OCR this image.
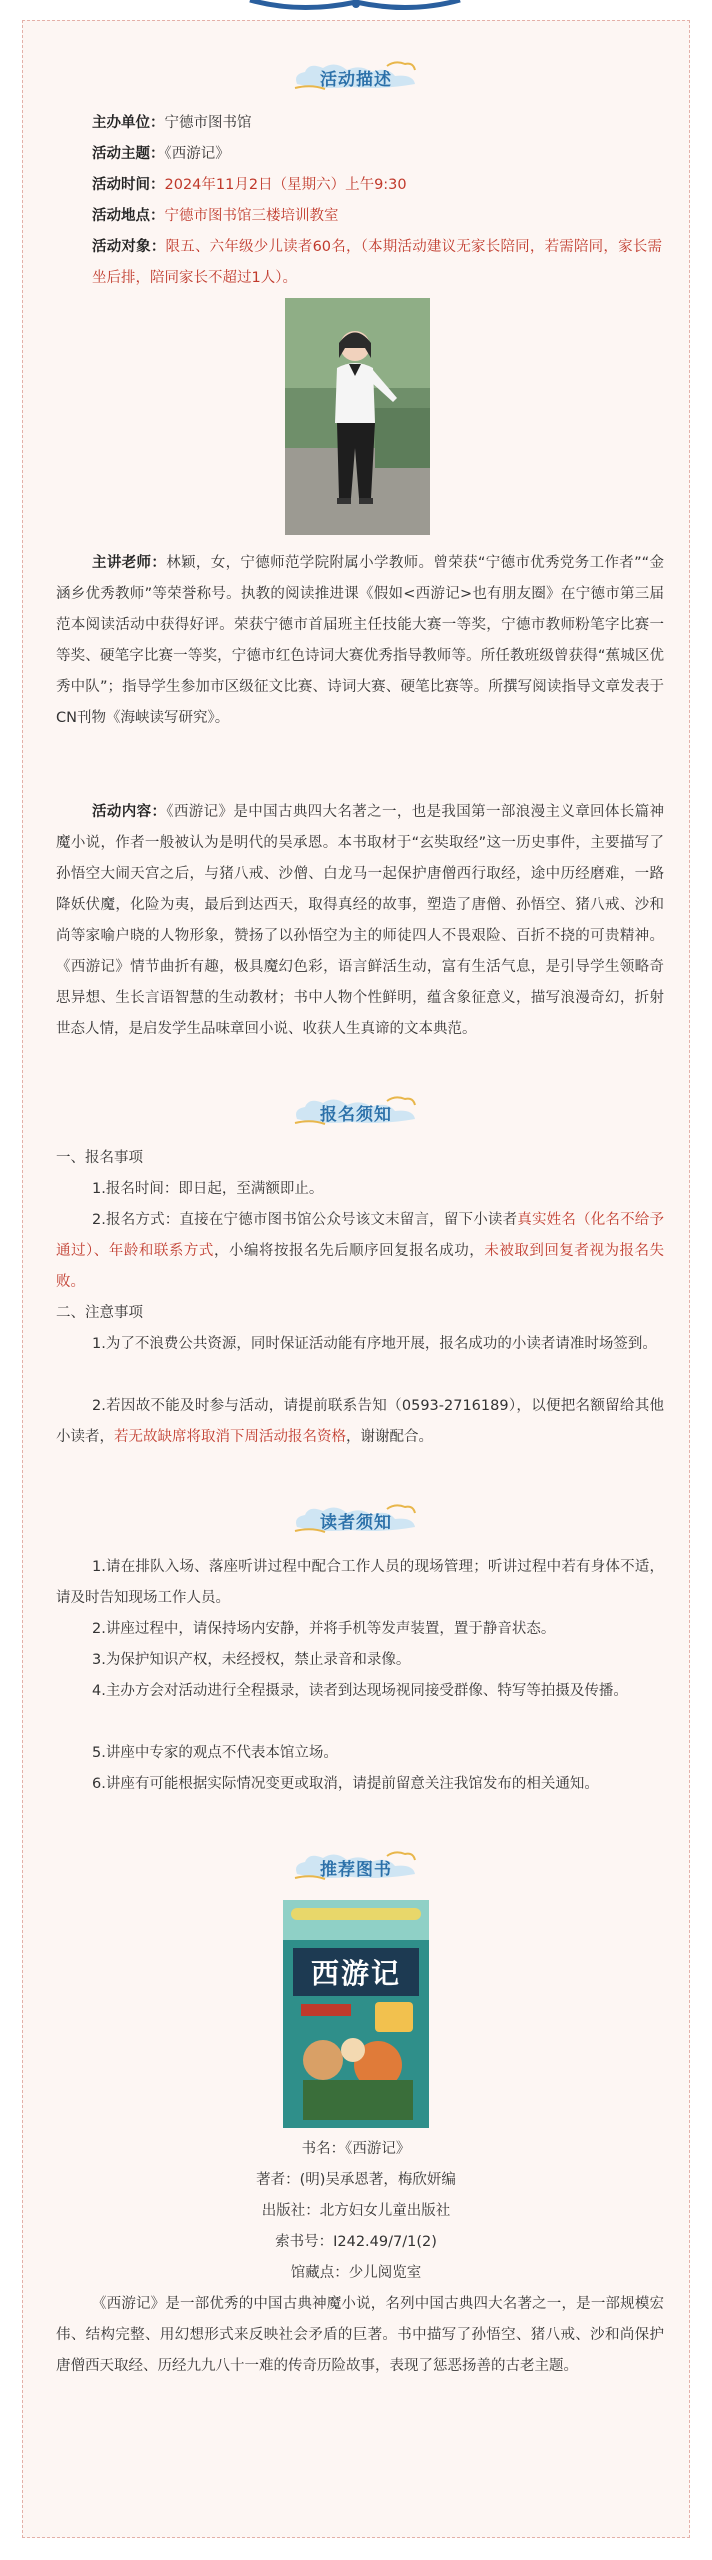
活动描述
主办单位：宁德市图书馆
活动主题：《西游记》
活动时间：2024年11月2日（星期六）上午9:30
活动地点：宁德市图书馆三楼培训教室
活动对象：限五、六年级少儿读者60名，（本期活动建议无家长陪同，若需陪同，家长需坐后排，陪同家长不超过1人）。
主讲老师：林颖，女，宁德师范学院附属小学教师。曾荣获“宁德市优秀党务工作者”“金涵乡优秀教师”等荣誉称号。执教的阅读推进课《假如<西游记>也有朋友圈》在宁德市第三届范本阅读活动中获得好评。荣获宁德市首届班主任技能大赛一等奖，宁德市教师粉笔字比赛一等奖、硬笔字比赛一等奖，宁德市红色诗词大赛优秀指导教师等。所任教班级曾获得“蕉城区优秀中队”；指导学生参加市区级征文比赛、诗词大赛、硬笔比赛等。所撰写阅读指导文章发表于CN刊物《海峡读写研究》。
活动内容：《西游记》是中国古典四大名著之一，也是我国第一部浪漫主义章回体长篇神魔小说，作者一般被认为是明代的吴承恩。本书取材于“玄奘取经”这一历史事件，主要描写了孙悟空大闹天宫之后，与猪八戒、沙僧、白龙马一起保护唐僧西行取经，途中历经磨难，一路降妖伏魔，化险为夷，最后到达西天，取得真经的故事，塑造了唐僧、孙悟空、猪八戒、沙和尚等家喻户晓的人物形象，赞扬了以孙悟空为主的师徒四人不畏艰险、百折不挠的可贵精神。《西游记》情节曲折有趣，极具魔幻色彩，语言鲜活生动，富有生活气息，是引导学生领略奇思异想、生长言语智慧的生动教材；书中人物个性鲜明，蕴含象征意义，描写浪漫奇幻，折射世态人情，是启发学生品味章回小说、收获人生真谛的文本典范。
报名须知
一、报名事项
1.报名时间：即日起，至满额即止。
2.报名方式：直接在宁德市图书馆公众号该文末留言，留下小读者真实姓名（化名不给予通过）、年龄和联系方式，小编将按报名先后顺序回复报名成功，未被取到回复者视为报名失败。
二、注意事项
1.为了不浪费公共资源，同时保证活动能有序地开展，报名成功的小读者请准时场签到。
2.若因故不能及时参与活动，请提前联系告知（0593-2716189），以便把名额留给其他小读者，若无故缺席将取消下周活动报名资格，谢谢配合。
读者须知
1.请在排队入场、落座听讲过程中配合工作人员的现场管理；听讲过程中若有身体不适，请及时告知现场工作人员。
2.讲座过程中，请保持场内安静，并将手机等发声装置，置于静音状态。
3.为保护知识产权，未经授权，禁止录音和录像。
4.主办方会对活动进行全程摄录，读者到达现场视同接受群像、特写等拍摄及传播。
5.讲座中专家的观点不代表本馆立场。
6.讲座有可能根据实际情况变更或取消，请提前留意关注我馆发布的相关通知。
推荐图书
西游记
书名：《西游记》
著者：(明)吴承恩著，梅欣妍编
出版社：北方妇女儿童出版社
索书号：I242.49/7/1(2)
馆藏点：少儿阅览室
《西游记》是一部优秀的中国古典神魔小说，名列中国古典四大名著之一，是一部规模宏伟、结构完整、用幻想形式来反映社会矛盾的巨著。书中描写了孙悟空、猪八戒、沙和尚保护唐僧西天取经、历经九九八十一难的传奇历险故事，表现了惩恶扬善的古老主题。
